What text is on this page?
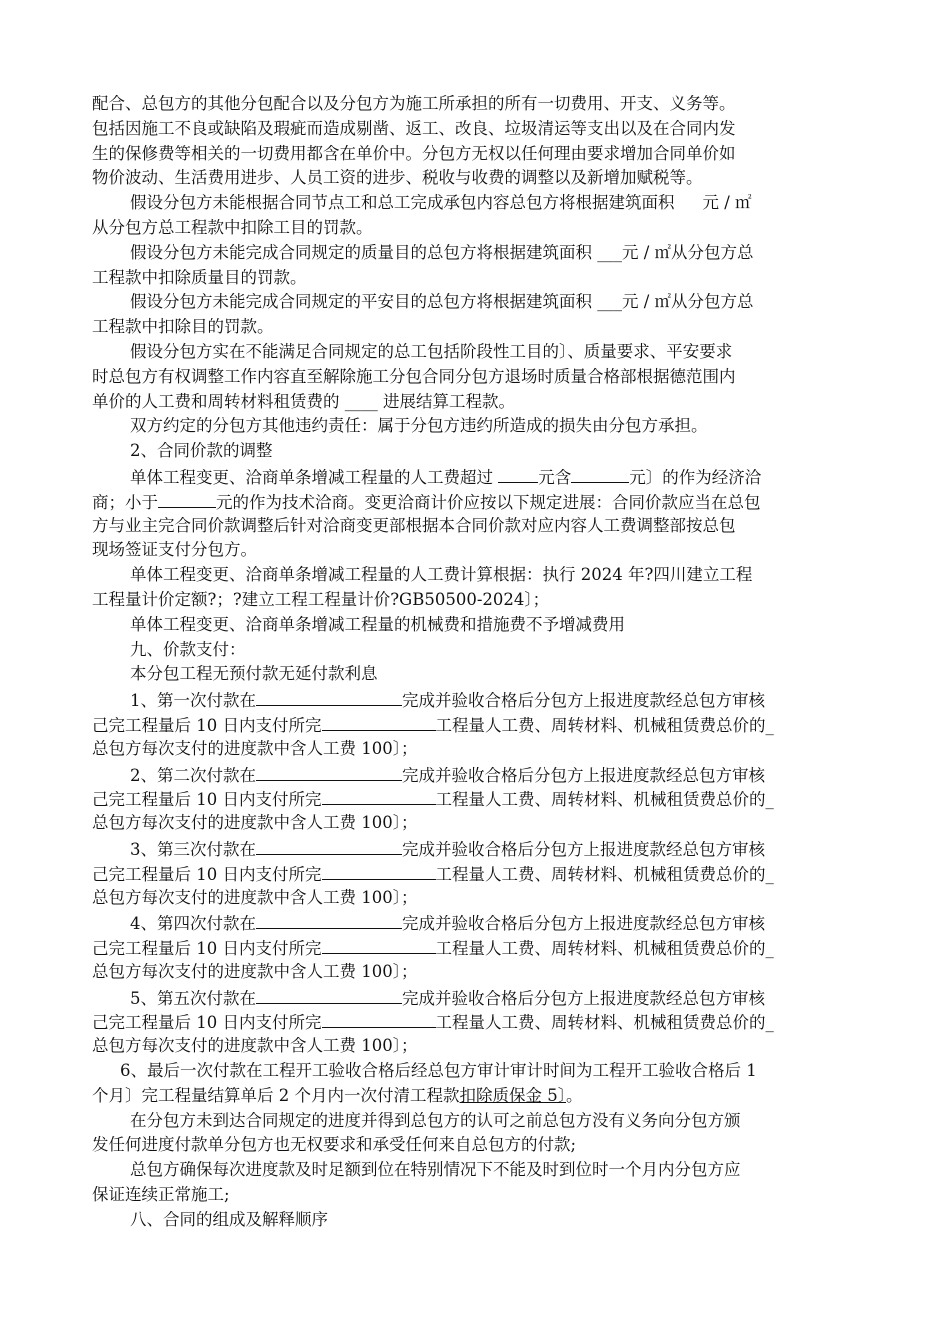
配合、总包方的其他分包配合以及分包方为施工所承担的所有一切费用、开支、义务等。
包括因施工不良或缺陷及瑕疵而造成剔凿、返工、改良、垃圾清运等支出以及在合同内发
生的保修费等相关的一切费用都含在单价中。分包方无权以任何理由要求增加合同单价如
物价波动、生活费用进步、人员工资的进步、税收与收费的调整以及新增加赋税等。
假设分包方未能根据合同节点工和总工完成承包内容总包方将根据建筑面积 元 / ㎡
从分包方总工程款中扣除工目的罚款。
假设分包方未能完成合同规定的质量目的总包方将根据建筑面积 ___元 / ㎡从分包方总
工程款中扣除质量目的罚款。
假设分包方未能完成合同规定的平安目的总包方将根据建筑面积 ___元 / ㎡从分包方总
工程款中扣除目的罚款。
假设分包方实在不能满足合同规定的总工包括阶段性工目的〕、质量要求、平安要求
时总包方有权调整工作内容直至解除施工分包合同分包方退场时质量合格部根据德范围内
单价的人工费和周转材料租赁费的 ____ 进展结算工程款。
双方约定的分包方其他违约责任：属于分包方违约所造成的损失由分包方承担。
2、合同价款的调整
单体工程变更、洽商单条增减工程量的人工费超过 元含	元〕的作为经济洽
商；小于	元的作为技术洽商。变更洽商计价应按以下规定进展：合同价款应当在总包
方与业主完合同价款调整后针对洽商变更部根据本合同价款对应内容人工费调整部按总包
现场签证支付分包方。
单体工程变更、洽商单条增减工程量的人工费计算根据：执行 2024 年?四川建立工程
工程量计价定额?；?建立工程工程量计价?GB50500-2024〕；
单体工程变更、洽商单条增减工程量的机械费和措施费不予增减费用
九、价款支付：
本分包工程无预付款无延付款利息
1、第一次付款在	完成并验收合格后分包方上报进度款经总包方审核
己完工程量后 10 日内支付所完	工程量人工费、周转材料、机械租赁费总价的_
总包方每次支付的进度款中含人工费 100〕；
2、第二次付款在	完成并验收合格后分包方上报进度款经总包方审核
己完工程量后 10 日内支付所完	工程量人工费、周转材料、机械租赁费总价的_
总包方每次支付的进度款中含人工费 100〕；
3、第三次付款在	完成并验收合格后分包方上报进度款经总包方审核
己完工程量后 10 日内支付所完	工程量人工费、周转材料、机械租赁费总价的_
总包方每次支付的进度款中含人工费 100〕；
4、第四次付款在	完成并验收合格后分包方上报进度款经总包方审核
己完工程量后 10 日内支付所完	工程量人工费、周转材料、机械租赁费总价的_
总包方每次支付的进度款中含人工费 100〕；
5、第五次付款在	完成并验收合格后分包方上报进度款经总包方审核
己完工程量后 10 日内支付所完	工程量人工费、周转材料、机械租赁费总价的_
总包方每次支付的进度款中含人工费 100〕；
6、最后一次付款在工程开工验收合格后经总包方审计审计时间为工程开工验收合格后 1
个月〕完工程量结算单后 2 个月内一次付清工程款扣除质保金 5〕。
在分包方未到达合同规定的进度并得到总包方的认可之前总包方没有义务向分包方颁
发任何进度付款单分包方也无权要求和承受任何来自总包方的付款;
总包方确保每次进度款及时足额到位在特别情况下不能及时到位时一个月内分包方应
保证连续正常施工;
八、合同的组成及解释顺序
